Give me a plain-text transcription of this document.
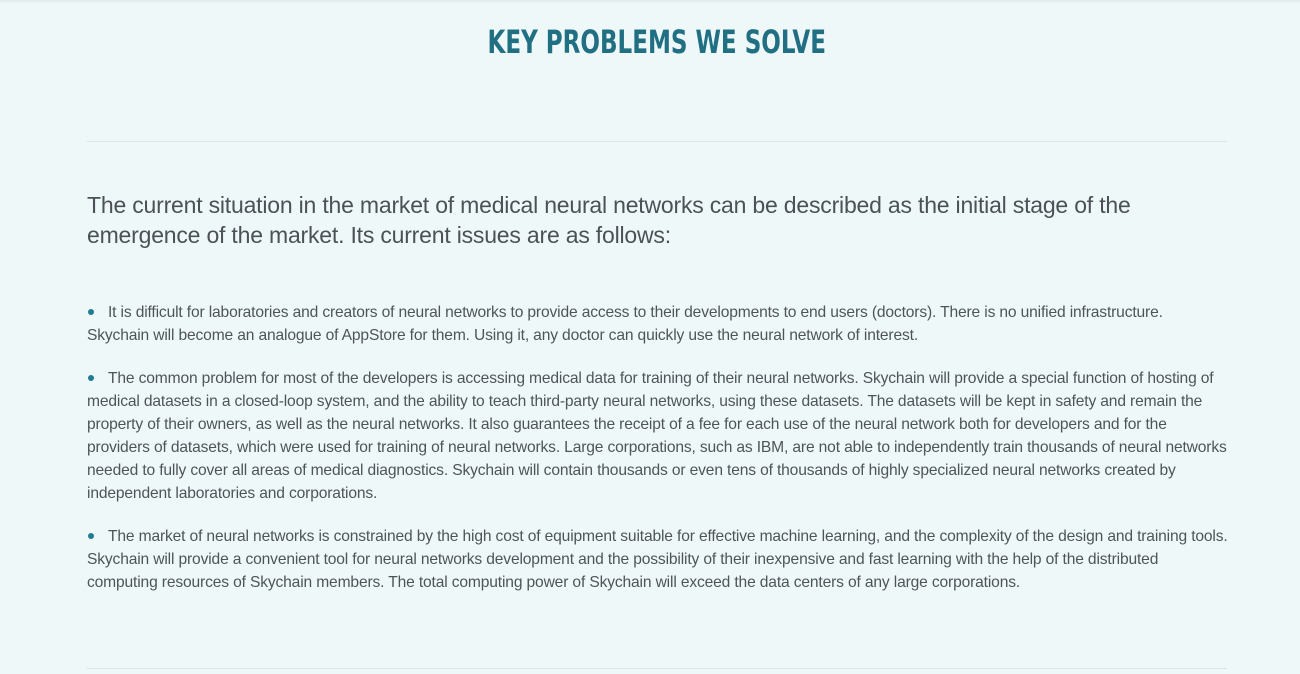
KEY PROBLEMS WE SOLVE

The current situation in the market of medical neural networks can be described as the initial stage of the emergence of the market. Its current issues are as follows:

It is difficult for laboratories and creators of neural networks to provide access to their developments to end users (doctors). There is no unified infrastructure. Skychain will become an analogue of AppStore for them. Using it, any doctor can quickly use the neural network of interest.
The common problem for most of the developers is accessing medical data for training of their neural networks. Skychain will provide a special function of hosting of medical datasets in a closed-loop system, and the ability to teach third-party neural networks, using these datasets. The datasets will be kept in safety and remain the property of their owners, as well as the neural networks. It also guarantees the receipt of a fee for each use of the neural network both for developers and for the providers of datasets, which were used for training of neural networks. Large corporations, such as IBM, are not able to independently train thousands of neural networks needed to fully cover all areas of medical diagnostics. Skychain will contain thousands or even tens of thousands of highly specialized neural networks created by independent laboratories and corporations.
The market of neural networks is constrained by the high cost of equipment suitable for effective machine learning, and the complexity of the design and training tools. Skychain will provide a convenient tool for neural networks development and the possibility of their inexpensive and fast learning with the help of the distributed computing resources of Skychain members. The total computing power of Skychain will exceed the data centers of any large corporations.
